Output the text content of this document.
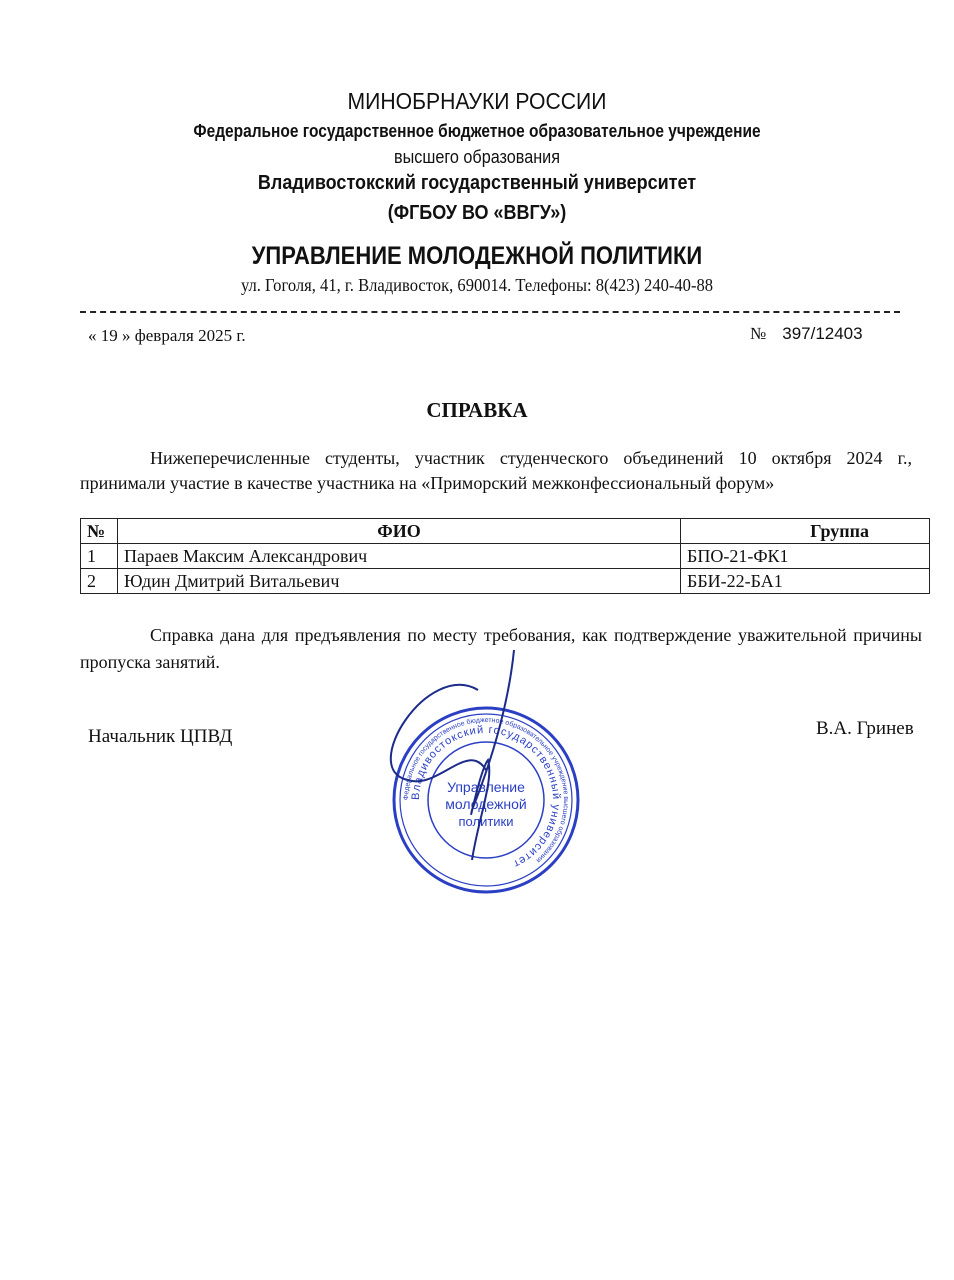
МИНОБРНАУКИ РОССИИ
Федеральное государственное бюджетное образовательное учреждение
высшего образования
Владивостокский государственный университет
(ФГБОУ ВО «ВВГУ»)
УПРАВЛЕНИЕ МОЛОДЕЖНОЙ ПОЛИТИКИ
ул. Гоголя, 41, г. Владивосток, 690014. Телефоны: 8(423) 240-40-88
« 19 » февраля 2025 г.	№ 397/12403
СПРАВКА
Нижеперечисленные студенты, участник студенческого объединений 10 октября 2024 г., принимали участие в качестве участника на «Приморский межконфессиональный форум»
№	ФИО	Группа
1	Параев Максим Александрович	БПО-21-ФК1
2	Юдин Дмитрий Витальевич	ББИ-22-БА1
Справка дана для предъявления по месту требования, как подтверждение уважительной причины пропуска занятий.
Начальник ЦПВД	В.А. Гринев
Федеральное государственное бюджетное образовательное учреждение высшего образования
Владивостокский государственный университет
Управление
молодежной
политики
